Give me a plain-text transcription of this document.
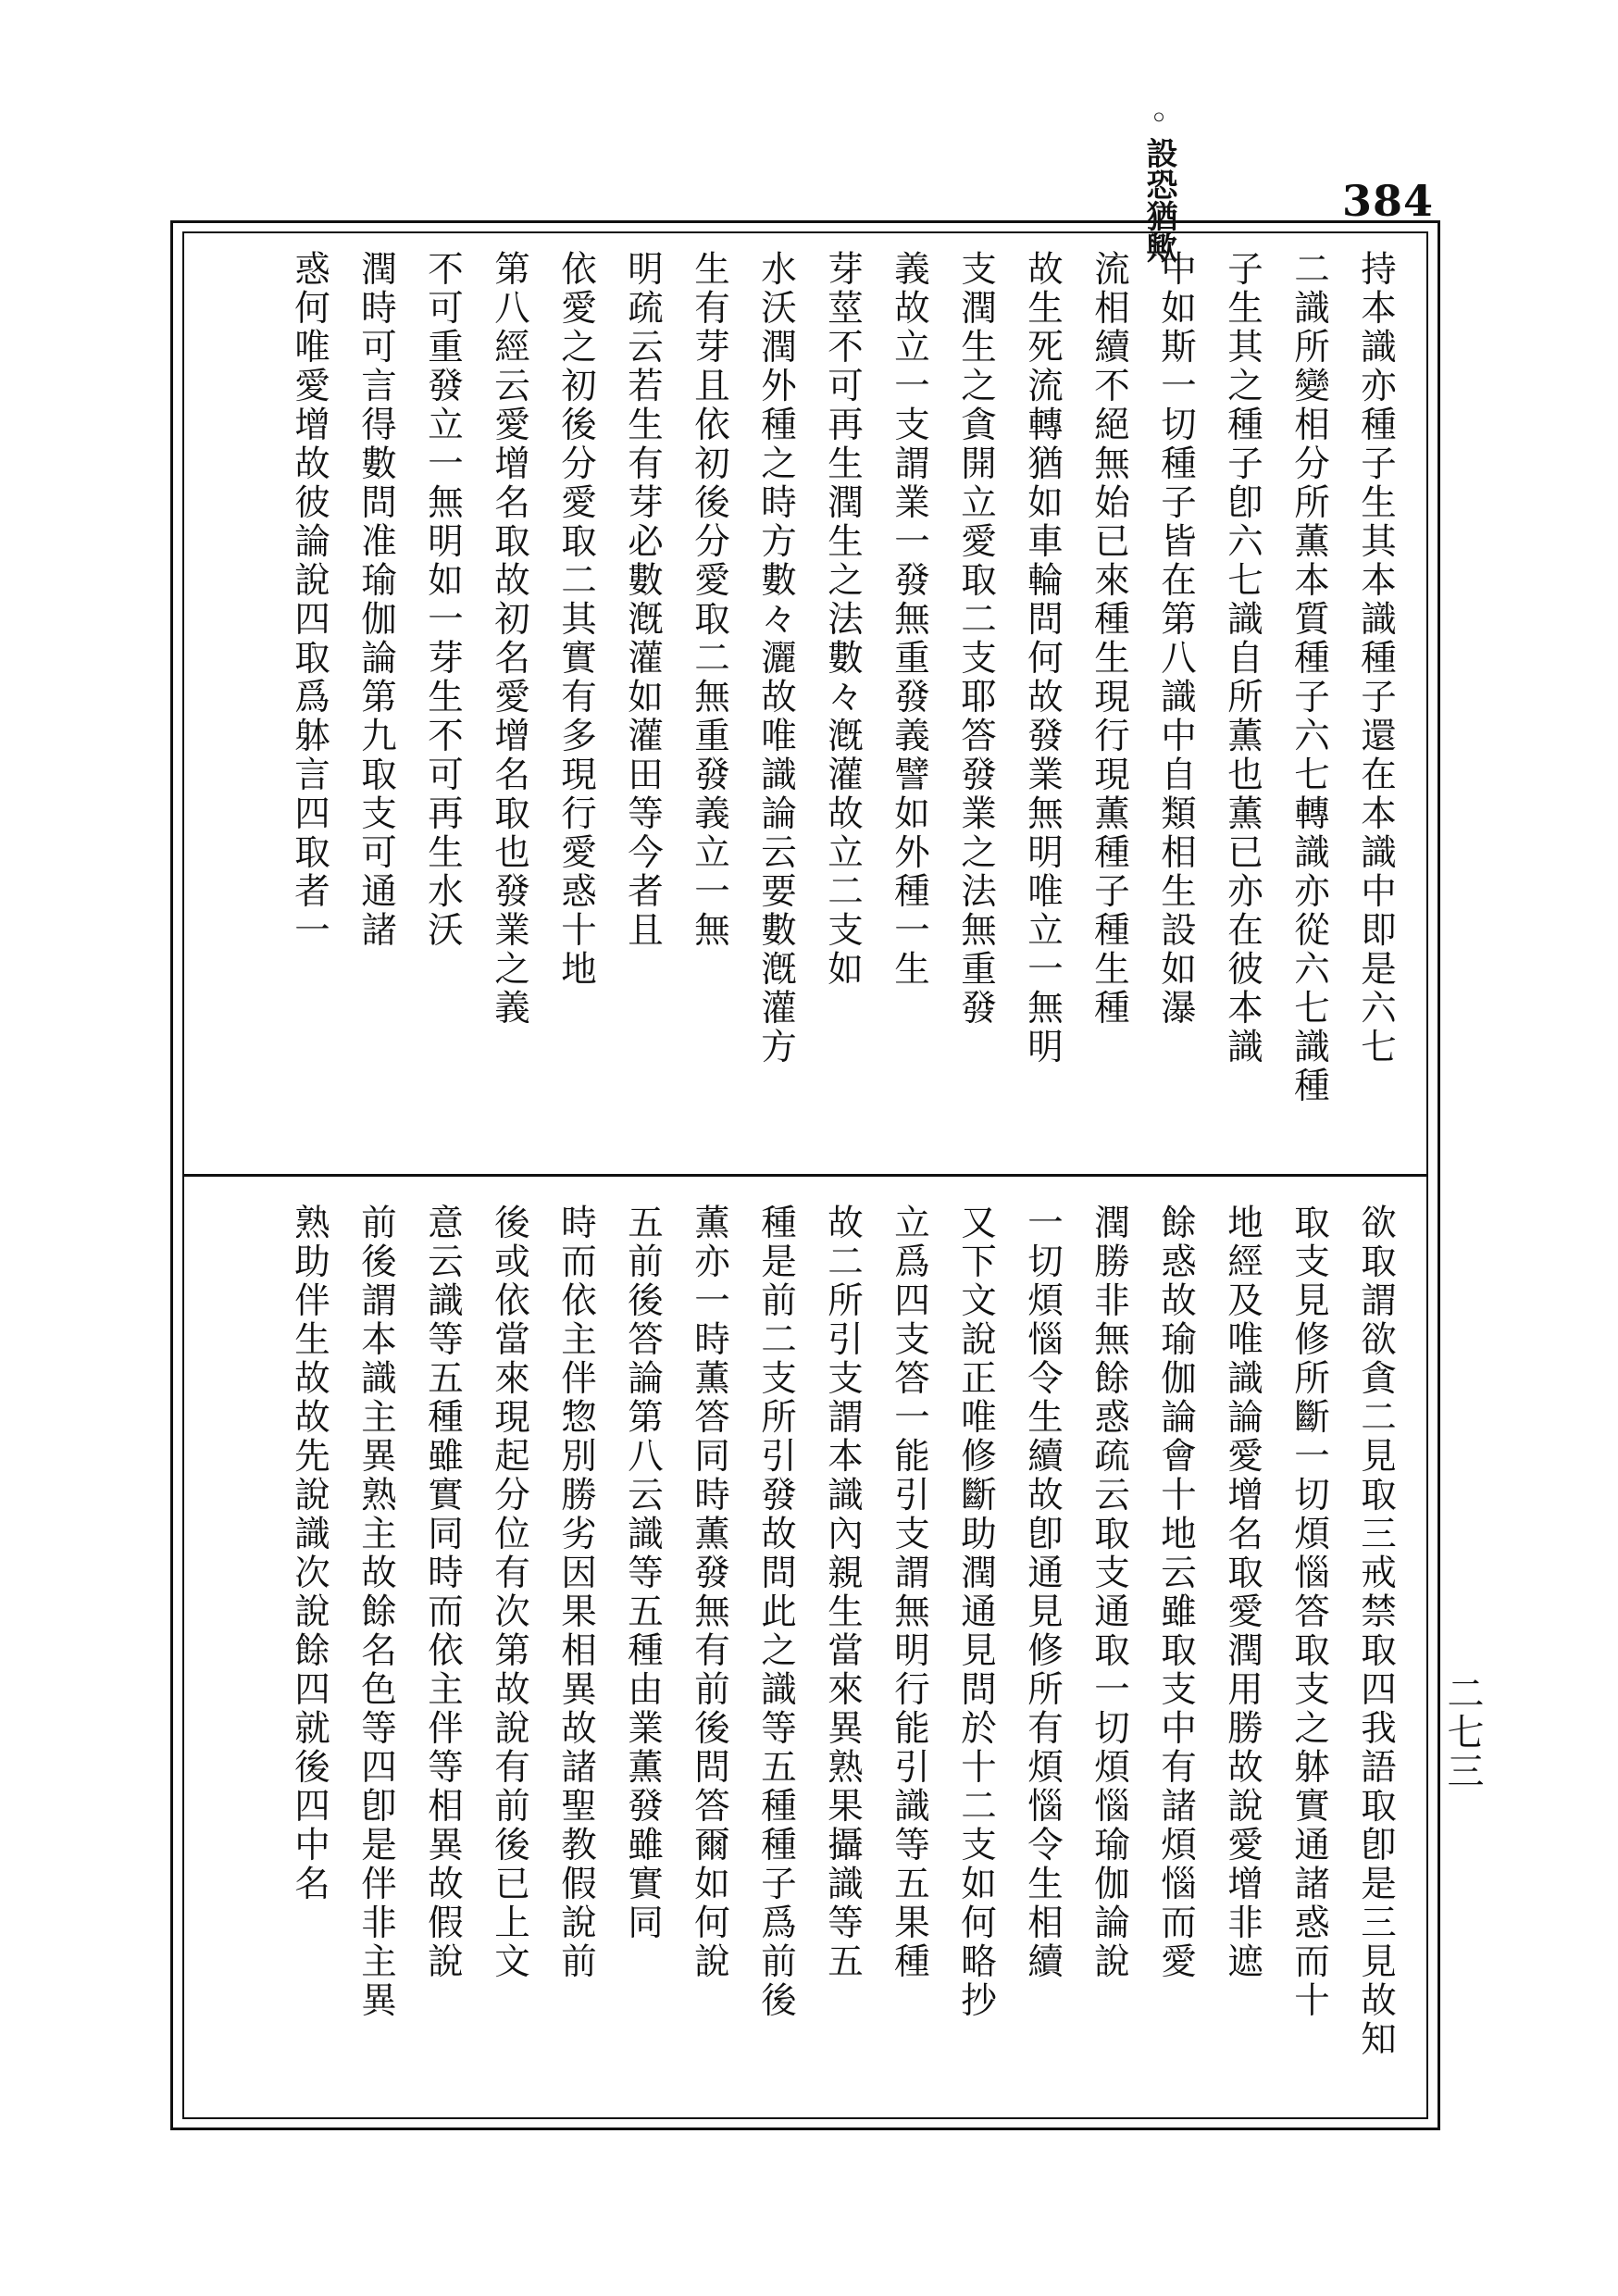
384
◦設恐猶歟
二七三
持本識亦種子生其本識種子還在本識中即是六七
二識所變相分所薫本質種子六七轉識亦從六七識種
子生其之種子卽六七識自所薫也薫已亦在彼本識
中如斯一切種子皆在第八識中自類相生設如瀑
流相續不絕無始已來種生現行現薫種子種生種
故生死流轉猶如車輪問何故發業無明唯立一無明
支潤生之貪開立愛取二支耶答發業之法無重發
義故立一支謂業一發無重發義譬如外種一生
芽莖不可再生潤生之法數々漑灌故立二支如
水沃潤外種之時方數々灑故唯識論云要數漑灌方
生有芽且依初後分愛取二無重發義立一無
明疏云若生有芽必數漑灌如灌田等今者且
依愛之初後分愛取二其實有多現行愛惑十地
第八經云愛增名取故初名愛增名取也發業之義
不可重發立一無明如一芽生不可再生水沃
潤時可言得數問准瑜伽論第九取支可通諸
惑何唯愛增故彼論說四取爲躰言四取者一
欲取謂欲貪二見取三戒禁取四我語取卽是三見故知
取支見修所斷一切煩惱答取支之躰實通諸惑而十
地經及唯識論愛增名取愛潤用勝故說愛增非遮
餘惑故瑜伽論會十地云雖取支中有諸煩惱而愛
潤勝非無餘惑疏云取支通取一切煩惱瑜伽論說
一切煩惱令生續故卽通見修所有煩惱令生相續
又下文說正唯修斷助潤通見問於十二支如何略抄
立爲四支答一能引支謂無明行能引識等五果種
故二所引支謂本識內親生當來異熟果攝識等五
種是前二支所引發故問此之識等五種種子爲前後
薫亦一時薫答同時薫發無有前後問答爾如何說
五前後答論第八云識等五種由業薫發雖實同
時而依主伴惣別勝劣因果相異故諸聖教假說前
後或依當來現起分位有次第故說有前後已上文
意云識等五種雖實同時而依主伴等相異故假說
前後謂本識主異熟主故餘名色等四卽是伴非主異
熟助伴生故故先說識次說餘四就後四中名
